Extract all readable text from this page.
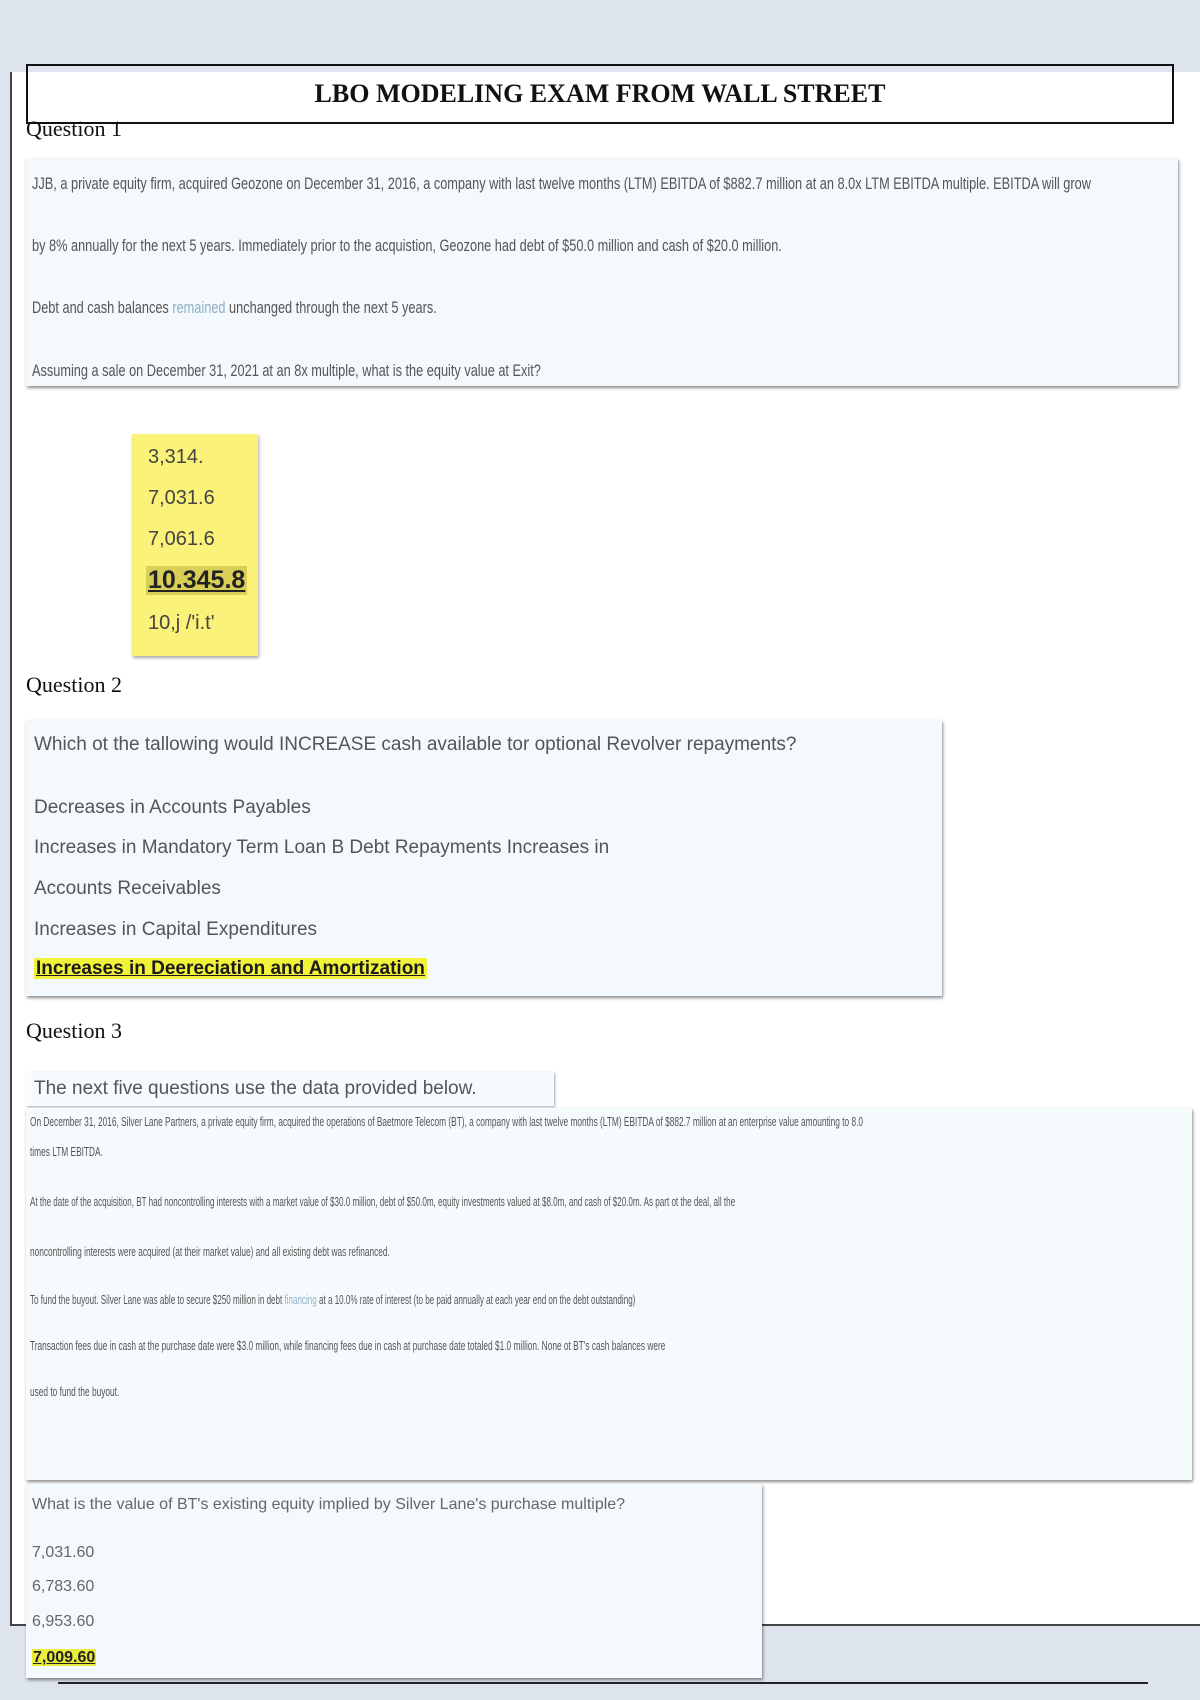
LBO MODELING EXAM FROM WALL STREET
Question 1
JJB, a private equity firm, acquired Geozone on December 31, 2016, a company with last twelve months (LTM) EBITDA of $882.7 million at an 8.0x LTM EBITDA multiple. EBITDA will grow
by 8% annually for the next 5 years. Immediately prior to the acquistion, Geozone had debt of $50.0 million and cash of $20.0 million.
Debt and cash balances remained unchanged through the next 5 years.
Assuming a sale on December 31, 2021 at an 8x multiple, what is the equity value at Exit?
3,314.
7,031.6
7,061.6
10.345.8
10,j /'i.t'
Question 2
Which ot the tallowing would INCREASE cash available tor optional Revolver repayments?
Decreases in Accounts Payables
Increases in Mandatory Term Loan B Debt Repayments Increases in
Accounts Receivables
Increases in Capital Expenditures
Increases in Deereciation and Amortization
Question 3
The next five questions use the data provided below.
On December 31, 2016, Silver Lane Partners, a private equity firm, acquired the operations of Baetmore Telecom (BT), a company with last twelve months (LTM) EBITDA of $882.7 million at an enterprise value amounting to 8.0
times LTM EBITDA.
At the date of the acquisition, BT had noncontrolling interests with a market value of $30.0 million, debt of $50.0m, equity investments valued at $8.0m, and cash of $20.0m. As part ot the deal, all the
noncontrolling interests were acquired (at their market value) and all existing debt was refinanced.
To fund the buyout. Silver Lane was able to secure $250 million in debt financing at a 10.0% rate of interest (to be paid annually at each year end on the debt outstanding)
Transaction fees due in cash at the purchase date were $3.0 million, while financing fees due in cash at purchase date totaled $1.0 million. None ot BT's cash balances were
used to fund the buyout.
What is the value of BT's existing equity implied by Silver Lane's purchase multiple?
7,031.60
6,783.60
6,953.60
7,009.60
